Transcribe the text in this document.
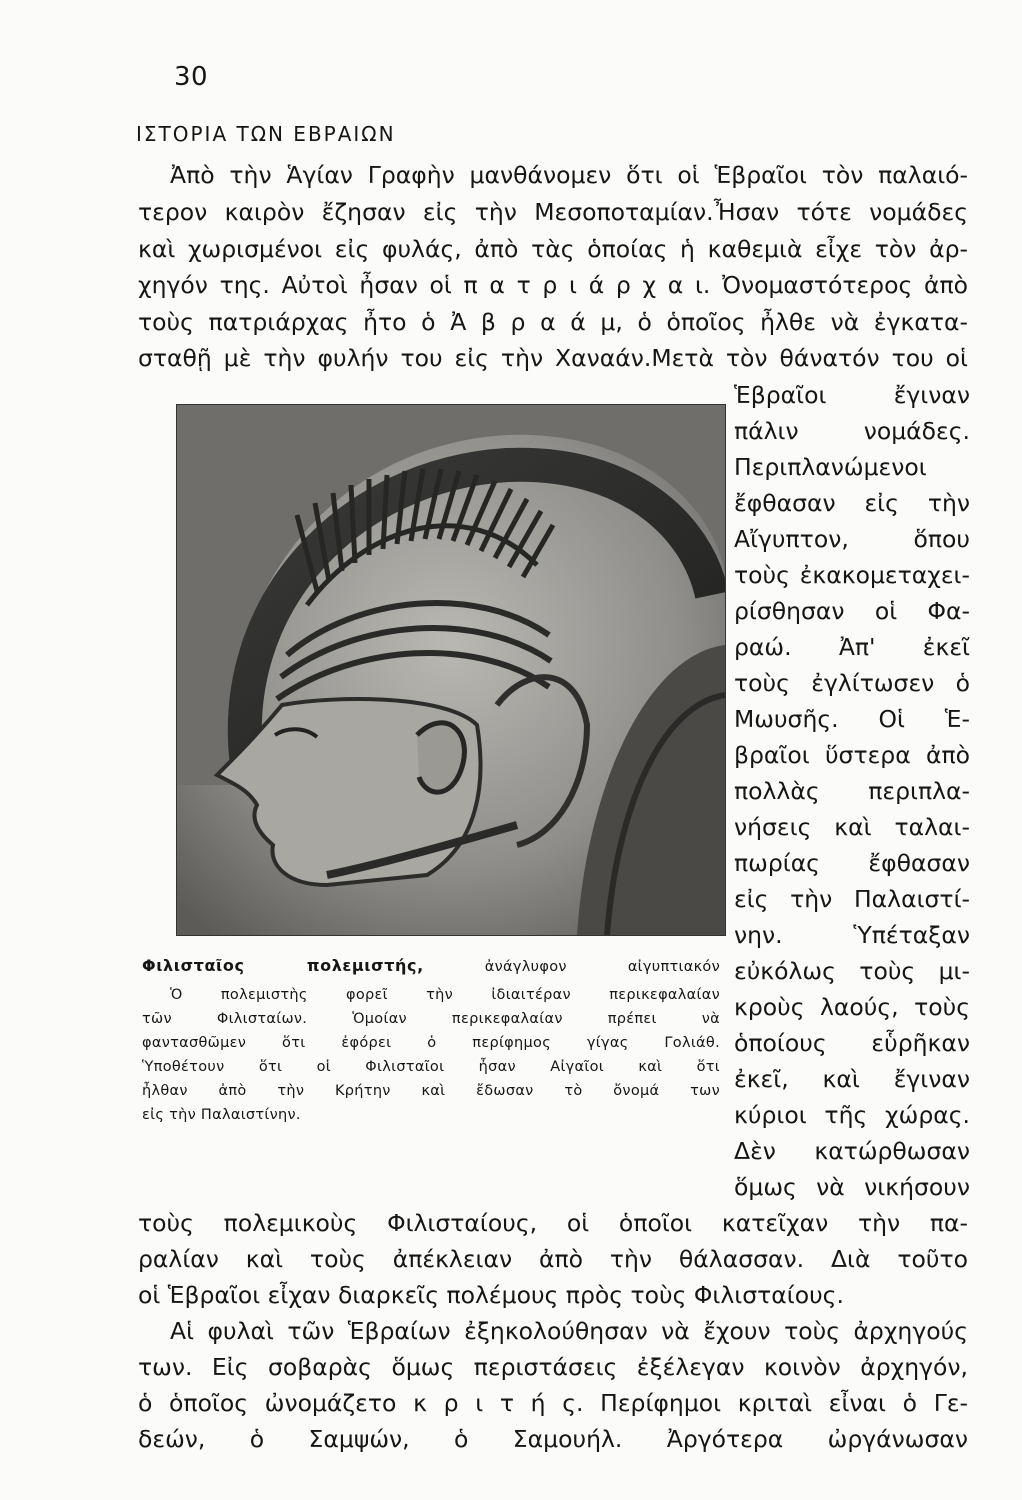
30
ΙΣΤΟΡΙΑ ΤΩΝ ΕΒΡΑΙΩΝ
Ἀπὸ τὴν Ἁγίαν Γραφὴν μανθάνομεν ὅτι οἱ Ἑβραῖοι τὸν παλαιό-
τερον καιρὸν ἔζησαν εἰς τὴν Μεσοποταμίαν.Ἦσαν τότε νομάδες
καὶ χωρισμένοι εἰς φυλάς, ἀπὸ τὰς ὁποίας ἡ καθεμιὰ εἶχε τὸν ἀρ-
χηγόν της. Αὐτοὶ ἦσαν οἱ π α τ ρ ι ά ρ χ α ι. Ὀνομαστότερος ἀπὸ
τοὺς πατριάρχας ἦτο ὁ Ἀ β ρ α ά μ, ὁ ὁποῖος ἦλθε νὰ ἐγκατα-
σταθῇ μὲ τὴν φυλήν του εἰς τὴν Χαναάν.Μετὰ τὸν θάνατόν του οἱ
Ἑβραῖοι ἔγιναν
πάλιν νομάδες.
Περιπλανώμενοι
ἔφθασαν εἰς τὴν
Αἴγυπτον, ὅπου
τοὺς ἐκακομεταχει-
ρίσθησαν οἱ Φα-
ραώ. Ἀπ' ἐκεῖ
τοὺς ἐγλίτωσεν ὁ
Μωυσῆς. Οἱ Ἑ-
βραῖοι ὕστερα ἀπὸ
πολλὰς περιπλα-
νήσεις καὶ ταλαι-
πωρίας ἔφθασαν
εἰς τὴν Παλαιστί-
νην. Ὑπέταξαν
εὐκόλως τοὺς μι-
κροὺς λαούς, τοὺς
ὁποίους εὗρῆκαν
ἐκεῖ, καὶ ἔγιναν
κύριοι τῆς χώρας.
Δὲν κατώρθωσαν
ὅμως νὰ νικήσουν
Φιλισταῖος πολεμιστής,	ἀνάγλυφον αἰγυπτιακόν
Ὁ πολεμιστὴς φορεῖ τὴν ἰδιαιτέραν περικεφαλαίαν
τῶν Φιλισταίων. Ὁμοίαν περικεφαλαίαν πρέπει νὰ
φαντασθῶμεν ὅτι ἐφόρει ὁ περίφημος γίγας Γολιάθ.
Ὑποθέτουν ὅτι οἱ Φιλισταῖοι ἦσαν Αἰγαῖοι καὶ ὅτι
ἦλθαν ἀπὸ τὴν Κρήτην καὶ ἔδωσαν τὸ ὄνομά των
εἰς τὴν Παλαιστίνην.
τοὺς πολεμικοὺς Φιλισταίους, οἱ ὁποῖοι κατεῖχαν τὴν πα-
ραλίαν καὶ τοὺς ἀπέκλειαν ἀπὸ τὴν θάλασσαν. Διὰ τοῦτο
οἱ Ἑβραῖοι εἶχαν διαρκεῖς πολέμους πρὸς τοὺς Φιλισταίους.
Αἱ φυλαὶ τῶν Ἑβραίων ἐξηκολούθησαν νὰ ἔχουν τοὺς ἀρχηγούς
των. Εἰς σοβαρὰς ὅμως περιστάσεις ἐξέλεγαν κοινὸν ἀρχηγόν,
ὁ ὁποῖος ὠνομάζετο κ ρ ι τ ή ς. Περίφημοι κριταὶ εἶναι ὁ Γε-
δεών, ὁ Σαμψών, ὁ Σαμουήλ. Ἀργότερα ὠργάνωσαν
